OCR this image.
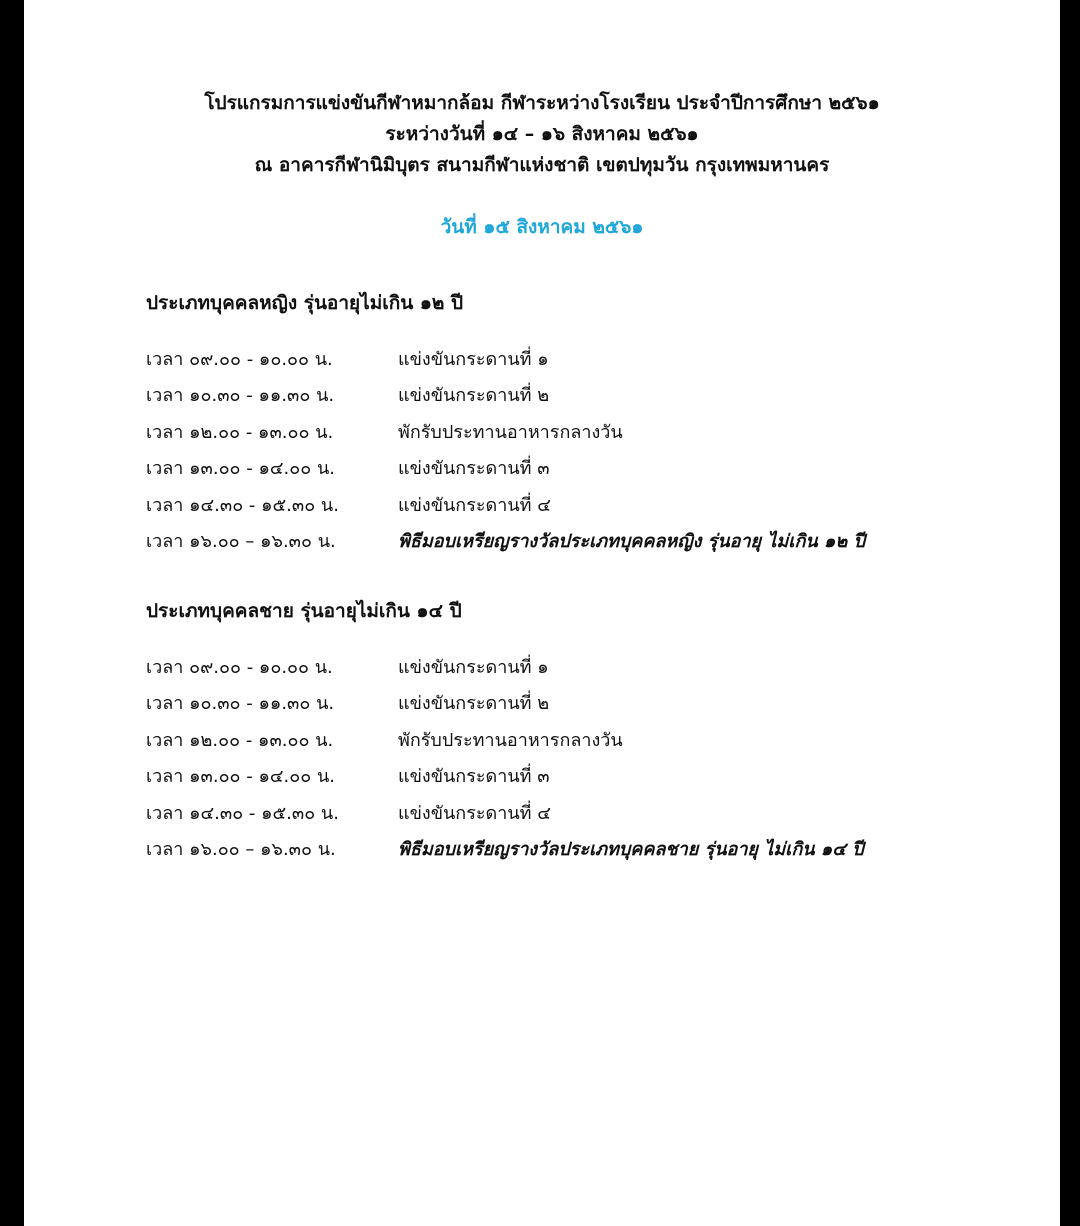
โปรแกรมการแข่งขันกีฬาหมากล้อม กีฬาระหว่างโรงเรียน ประจำปีการศึกษา ๒๕๖๑
ระหว่างวันที่ ๑๔ – ๑๖ สิงหาคม ๒๕๖๑
ณ อาคารกีฬานิมิบุตร สนามกีฬาแห่งชาติ เขตปทุมวัน กรุงเทพมหานคร
วันที่ ๑๕ สิงหาคม ๒๕๖๑
ประเภทบุคคลหญิง รุ่นอายุไม่เกิน ๑๒ ปี
เวลา ๐๙.๐๐ - ๑๐.๐๐ น.	แข่งขันกระดานที่ ๑
เวลา ๑๐.๓๐ - ๑๑.๓๐ น.	แข่งขันกระดานที่ ๒
เวลา ๑๒.๐๐ - ๑๓.๐๐ น.	พักรับประทานอาหารกลางวัน
เวลา ๑๓.๐๐ - ๑๔.๐๐ น.	แข่งขันกระดานที่ ๓
เวลา ๑๔.๓๐ - ๑๕.๓๐ น.	แข่งขันกระดานที่ ๔
เวลา ๑๖.๐๐ – ๑๖.๓๐ น.	พิธีมอบเหรียญรางวัลประเภทบุคคลหญิง รุ่นอายุ ไม่เกิน ๑๒ ปี
ประเภทบุคคลชาย รุ่นอายุไม่เกิน ๑๔ ปี
เวลา ๐๙.๐๐ - ๑๐.๐๐ น.	แข่งขันกระดานที่ ๑
เวลา ๑๐.๓๐ - ๑๑.๓๐ น.	แข่งขันกระดานที่ ๒
เวลา ๑๒.๐๐ - ๑๓.๐๐ น.	พักรับประทานอาหารกลางวัน
เวลา ๑๓.๐๐ - ๑๔.๐๐ น.	แข่งขันกระดานที่ ๓
เวลา ๑๔.๓๐ - ๑๕.๓๐ น.	แข่งขันกระดานที่ ๔
เวลา ๑๖.๐๐ – ๑๖.๓๐ น.	พิธีมอบเหรียญรางวัลประเภทบุคคลชาย รุ่นอายุ ไม่เกิน ๑๔ ปี
